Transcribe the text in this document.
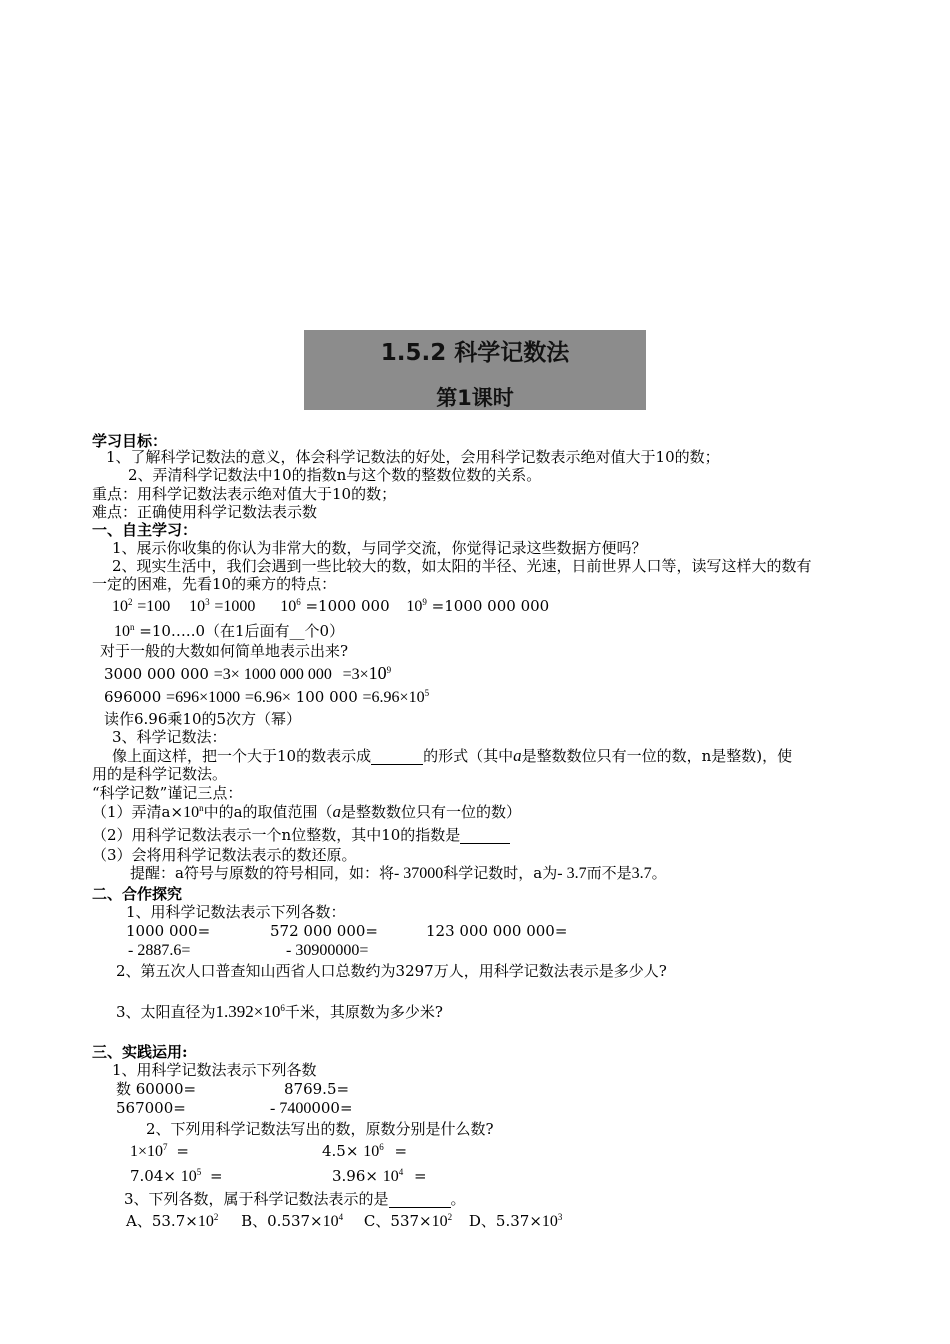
1.5.2 科学记数法
第1课时
学习目标：
1、了解科学记数法的意义，体会科学记数法的好处，会用科学记数表示绝对值大于10的数；
2、弄清科学记数法中10的指数n与这个数的整数位数的关系。
重点：用科学记数法表示绝对值大于10的数；
难点：正确使用科学记数法表示数
一、自主学习：
1、展示你收集的你认为非常大的数，与同学交流，你觉得记录这些数据方便吗？
2、现实生活中，我们会遇到一些比较大的数，如太阳的半径、光速，日前世界人口等，读写这样大的数有
一定的困难，先看10的乘方的特点：
$10^2 =100$ $10^3 =1000$ $10^6 =1000$ 000 $10^9 =1000$ 000 000
$10^n$ =10…..0（在1后面有__个0）
对于一般的大数如何简单地表示出来?
3000 000 000 =3× 1000 000 $000 =3\times 10^9$
696000 =696×1000 =6.96× 100 $000 =6.96\times 10^5$
读作6.96乘10的5次方（幂）
3、科学记数法：
像上面这样，把一个大于10的数表示成	的形式（其中a是整数数位只有一位的数，n是整数)，使
用的是科学记数法。
“科学记数”谨记三点：
（1）弄清$a\times 10^n$中的a的取值范围（a是整数数位只有一位的数）
（2）用科学记数法表示一个n位整数，其中10的指数是
（3）会将用科学记数法表示的数还原。
提醒：a符号与原数的符号相同，如：将- 37000科学记数时，a为- 3.7而不是3.7。
二、合作探究
1、用科学记数法表示下列各数：
1000 000=	572 000 000=	123 000 000 000=
- 2887.6=	- 30900000=
2、第五次人口普查知山西省人口总数约为3297万人，用科学记数法表示是多少人?
3、太阳直径为$1.392\times 10^6$千米，其原数为多少米?
三、实践运用:
1、用科学记数法表示下列各数
数 60000=	8769.5=
567000=	- 7400000=
2、下列用科学记数法写出的数，原数分别是什么数?
$1\times 10^7$ =	$4.5\times 10^6$ =
$7.04\times 10^5$ =	$3.96\times 10^4$ =
3、下列各数，属于科学记数法表示的是	。
A、$53.7\times 10^2$ B、$0.537\times 10^4$ C、$537\times 10^2$ D、$5.37\times 10^3$
